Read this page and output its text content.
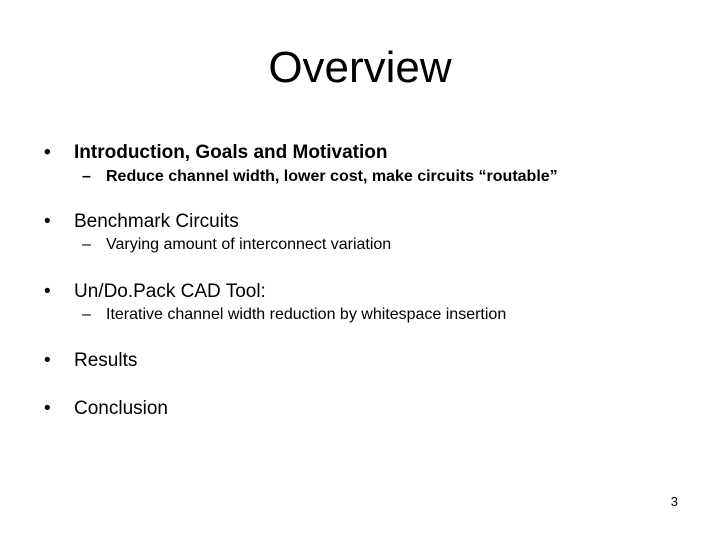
Overview
• Introduction, Goals and Motivation
– Reduce channel width, lower cost, make circuits “routable”
• Benchmark Circuits
– Varying amount of interconnect variation
• Un/Do.Pack CAD Tool:
– Iterative channel width reduction by whitespace insertion
• Results
• Conclusion
3
